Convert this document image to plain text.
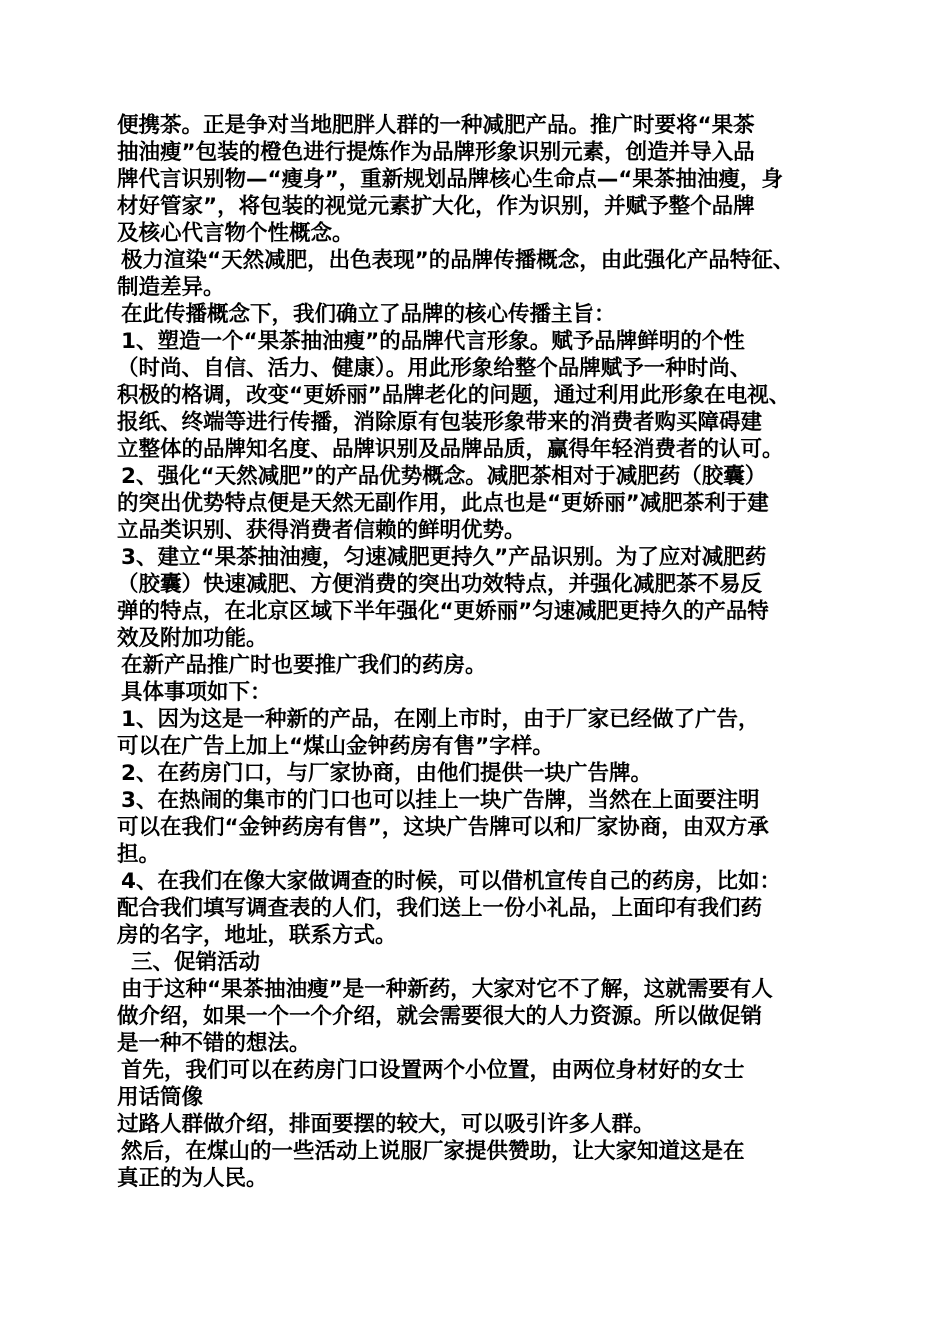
便携茶。正是争对当地肥胖人群的一种减肥产品。推广时要将“果茶
抽油瘦”包装的橙色进行提炼作为品牌形象识别元素，创造并导入品
牌代言识别物—“瘦身”，重新规划品牌核心生命点—“果茶抽油瘦，身
材好管家”，将包装的视觉元素扩大化，作为识别，并赋予整个品牌
及核心代言物个性概念。
极力渲染“天然减肥，出色表现”的品牌传播概念，由此强化产品特征、
制造差异。
在此传播概念下，我们确立了品牌的核心传播主旨：
1、塑造一个“果茶抽油瘦”的品牌代言形象。赋予品牌鲜明的个性
（时尚、自信、活力、健康）。用此形象给整个品牌赋予一种时尚、
积极的格调，改变“更娇丽”品牌老化的问题，通过利用此形象在电视、
报纸、终端等进行传播，消除原有包装形象带来的消费者购买障碍建
立整体的品牌知名度、品牌识别及品牌品质，赢得年轻消费者的认可。
2、强化“天然减肥”的产品优势概念。减肥茶相对于减肥药（胶囊）
的突出优势特点便是天然无副作用，此点也是“更娇丽”减肥茶利于建
立品类识别、获得消费者信赖的鲜明优势。
3、建立“果茶抽油瘦，匀速减肥更持久”产品识别。为了应对减肥药
（胶囊）快速减肥、方便消费的突出功效特点，并强化减肥茶不易反
弹的特点，在北京区域下半年强化“更娇丽”匀速减肥更持久的产品特
效及附加功能。
在新产品推广时也要推广我们的药房。
具体事项如下：
1、因为这是一种新的产品，在刚上市时，由于厂家已经做了广告，
可以在广告上加上“煤山金钟药房有售”字样。
2、在药房门口，与厂家协商，由他们提供一块广告牌。
3、在热闹的集市的门口也可以挂上一块广告牌，当然在上面要注明
可以在我们“金钟药房有售”，这块广告牌可以和厂家协商，由双方承
担。
4、在我们在像大家做调查的时候，可以借机宣传自己的药房，比如：
配合我们填写调查表的人们，我们送上一份小礼品，上面印有我们药
房的名字，地址，联系方式。
三、促销活动
由于这种“果茶抽油瘦”是一种新药，大家对它不了解，这就需要有人
做介绍，如果一个一个介绍，就会需要很大的人力资源。所以做促销
是一种不错的想法。
首先，我们可以在药房门口设置两个小位置，由两位身材好的女士
用话筒像
过路人群做介绍，排面要摆的较大，可以吸引许多人群。
然后，在煤山的一些活动上说服厂家提供赞助，让大家知道这是在
真正的为人民。
